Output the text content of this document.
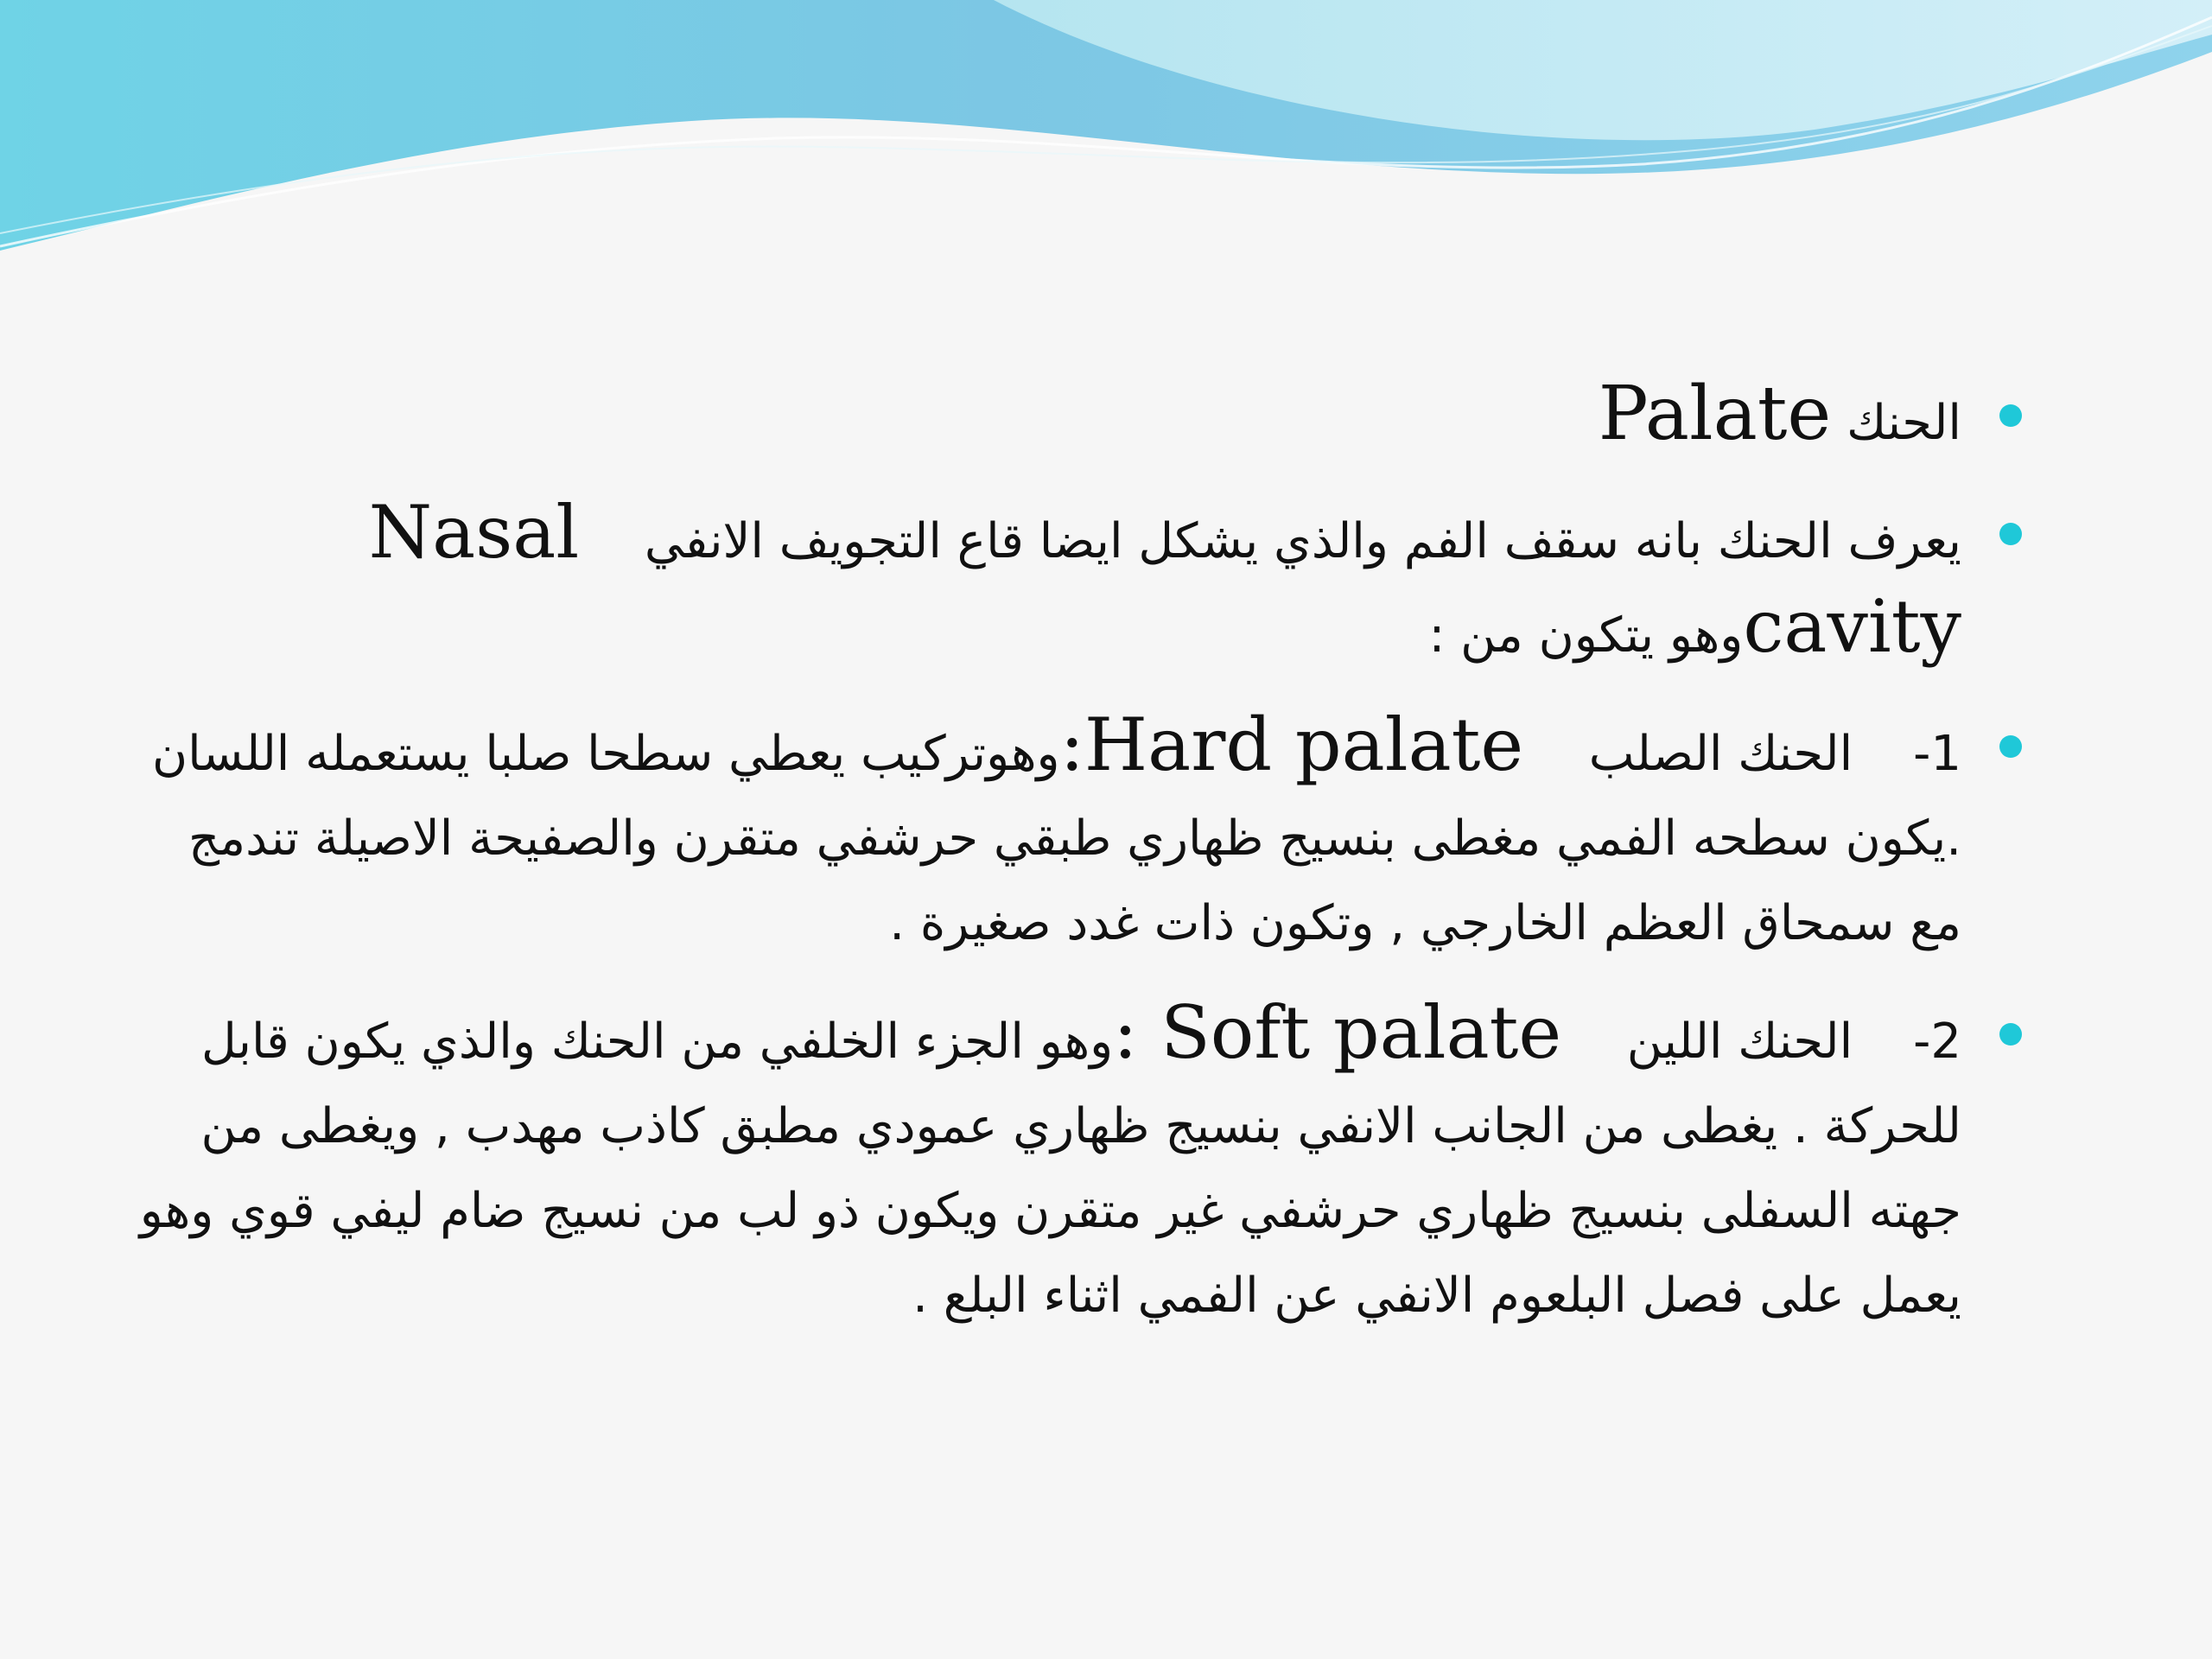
الحنك Palate
يعرف الحنك بانه سقف الفم والذي يشكل ايضا قاع التجويف الانفي  Nasal cavityوهو يتكون من :
1-الحنك الصلب  Hard palate:وهوتركيب يعطي سطحا صلبا يستعمله اللسان .يكون سطحه الفمي مغطى بنسيج ظهاري طبقي حرشفي متقرن والصفيحة الاصيلة تندمج مع سمحاق العظم الخارجي , وتكون ذات غدد صغيرة .
2-الحنك اللين  Soft palate :وهو الجزء الخلفي من الحنك والذي يكون قابل للحركة . يغطى من الجانب الانفي بنسيج ظهاري عمودي مطبق كاذب مهدب , ويغطى من جهته السفلى بنسيج ظهاري حرشفي غير متقرن ويكون ذو لب من نسيج ضام ليفي قوي وهو يعمل على فصل البلعوم الانفي عن الفمي اثناء البلع .
